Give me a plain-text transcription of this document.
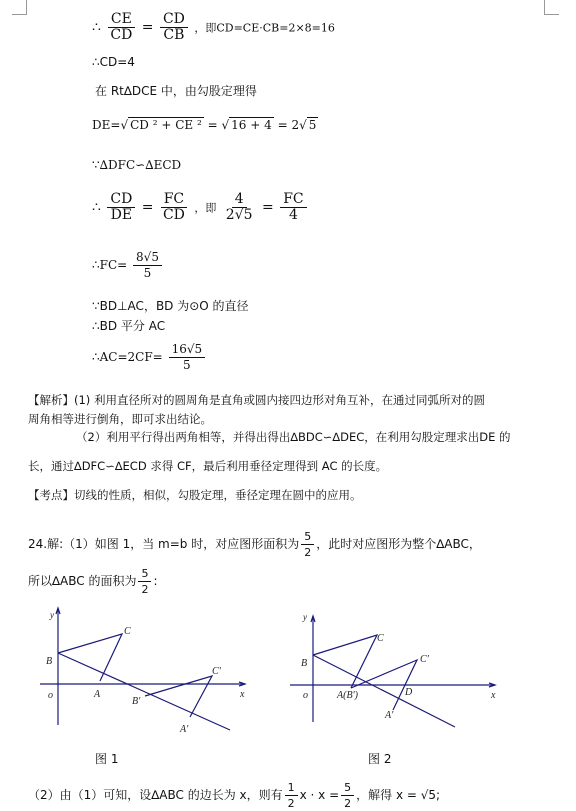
∴ $\frac{CE}{CD} = \frac{CD}{CB}$ ，即CD=CE·CB=2×8=16
∴CD=4
在 Rt∆DCE 中，由勾股定理得
DE=√ CD ² + CE ² = √ 16 + 4 = 2√ 5
∵∆DFC∽∆ECD
∴ $\frac{CD}{DE} = \frac{FC}{CD}$ ，即 $\frac{4}{2√5} = \frac{FC}{4}$
∴FC= $\frac{8√5}{5}$
∵BD⊥AC，BD 为⊙O 的直径
∴BD 平分 AC
∴AC=2CF= $\frac{16√5}{5}$
【解析】(1) 利用直径所对的圆周角是直角或圆内接四边形对角互补，在通过同弧所对的圆
周角相等进行倒角，即可求出结论。
（2）利用平行得出两角相等，并得出得出∆BDC∽∆DEC，在利用勾股定理求出DE 的
长，通过∆DFC∽∆ECD 求得 CF，最后利用垂径定理得到 AC 的长度。
【考点】切线的性质，相似，勾股定理，垂径定理在圆中的应用。
24.解:（1）如图 1，当 m=b 时，对应图形面积为 $\frac{5}{2}$ ，此时对应图形为整个∆ABC，
所以∆ABC 的面积为 $\frac{5}{2}$ :
y
x
o
B
A
C
C'
B'
A'
y
x
o
B
A(B')
C
C'
D
A'
图 1	图 2
（2）由（1）可知，设∆ABC 的边长为 x，则有 $\frac{1}{2}$ $x \cdot x = \frac{5}{2}$ ，解得 x = √5;
